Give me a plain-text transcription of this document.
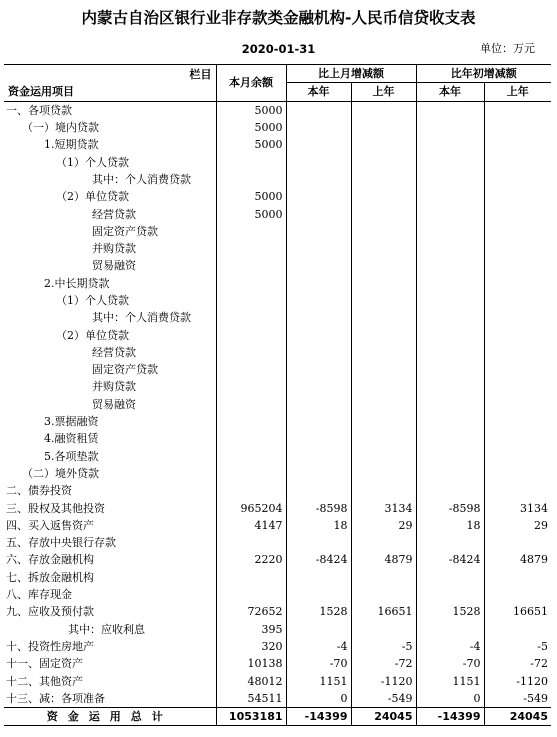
内蒙古自治区银行业非存款类金融机构-人民币信贷收支表
2020-01-31	单位：万元
栏目
资金运用项目	本月余额	比上月增减额		比年初增减额	
		本年	上年	本年	上年
一、各项贷款	5000				
（一）境内贷款	5000				
1.短期贷款	5000				
（1）个人贷款					
其中：个人消费贷款					
（2）单位贷款	5000				
经营贷款	5000				
固定资产贷款					
并购贷款					
贸易融资					
2.中长期贷款					
（1）个人贷款					
其中：个人消费贷款					
（2）单位贷款					
经营贷款					
固定资产贷款					
并购贷款					
贸易融资					
3.票据融资					
4.融资租赁					
5.各项垫款					
（二）境外贷款					
二、债券投资					
三、股权及其他投资	965204	-8598	3134	-8598	3134
四、买入返售资产	4147	18	29	18	29
五、存放中央银行存款					
六、存放金融机构	2220	-8424	4879	-8424	4879
七、拆放金融机构					
八、库存现金					
九、应收及预付款	72652	1528	16651	1528	16651
其中：应收利息	395				
十、投资性房地产	320	-4	-5	-4	-5
十一、固定资产	10138	-70	-72	-70	-72
十二、其他资产	48012	1151	-1120	1151	-1120
十三、减：各项准备	54511	0	-549	0	-549
资金运用总计	1053181	-14399	24045	-14399	24045
